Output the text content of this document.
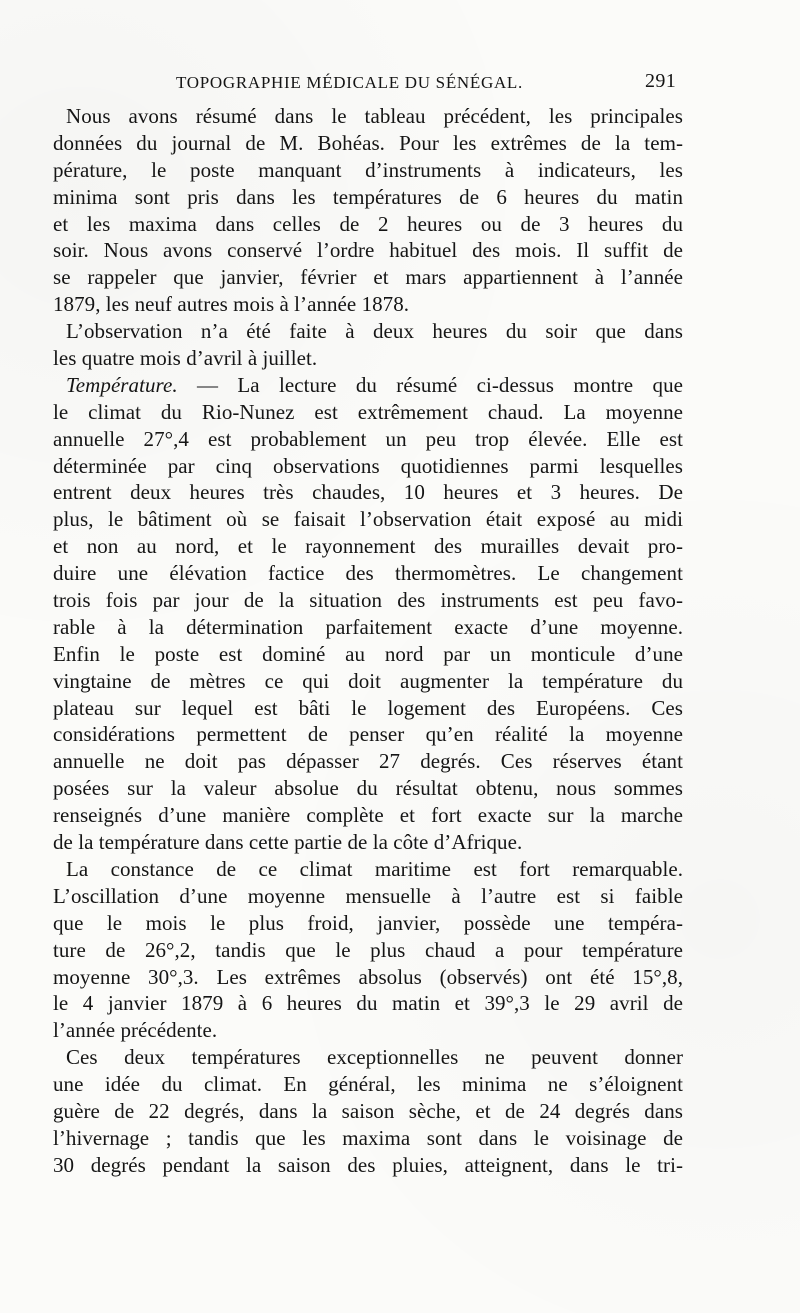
TOPOGRAPHIE MÉDICALE DU SÉNÉGAL.	291
Nous avons résumé dans le tableau précédent, les principales
données du journal de M. Bohéas. Pour les extrêmes de la tem-
pérature, le poste manquant d’instruments à indicateurs, les
minima sont pris dans les températures de 6 heures du matin
et les maxima dans celles de 2 heures ou de 3 heures du
soir. Nous avons conservé l’ordre habituel des mois. Il suffit de
se rappeler que janvier, février et mars appartiennent à l’année
1879, les neuf autres mois à l’année 1878.
L’observation n’a été faite à deux heures du soir que dans
les quatre mois d’avril à juillet.
Température. — La lecture du résumé ci-dessus montre que
le climat du Rio-Nunez est extrêmement chaud. La moyenne
annuelle 27°,4 est probablement un peu trop élevée. Elle est
déterminée par cinq observations quotidiennes parmi lesquelles
entrent deux heures très chaudes, 10 heures et 3 heures. De
plus, le bâtiment où se faisait l’observation était exposé au midi
et non au nord, et le rayonnement des murailles devait pro-
duire une élévation factice des thermomètres. Le changement
trois fois par jour de la situation des instruments est peu favo-
rable à la détermination parfaitement exacte d’une moyenne.
Enfin le poste est dominé au nord par un monticule d’une
vingtaine de mètres ce qui doit augmenter la température du
plateau sur lequel est bâti le logement des Européens. Ces
considérations permettent de penser qu’en réalité la moyenne
annuelle ne doit pas dépasser 27 degrés. Ces réserves étant
posées sur la valeur absolue du résultat obtenu, nous sommes
renseignés d’une manière complète et fort exacte sur la marche
de la température dans cette partie de la côte d’Afrique.
La constance de ce climat maritime est fort remarquable.
L’oscillation d’une moyenne mensuelle à l’autre est si faible
que le mois le plus froid, janvier, possède une tempéra-
ture de 26°,2, tandis que le plus chaud a pour température
moyenne 30°,3. Les extrêmes absolus (observés) ont été 15°,8,
le 4 janvier 1879 à 6 heures du matin et 39°,3 le 29 avril de
l’année précédente.
Ces deux températures exceptionnelles ne peuvent donner
une idée du climat. En général, les minima ne s’éloignent
guère de 22 degrés, dans la saison sèche, et de 24 degrés dans
l’hivernage ; tandis que les maxima sont dans le voisinage de
30 degrés pendant la saison des pluies, atteignent, dans le tri-
